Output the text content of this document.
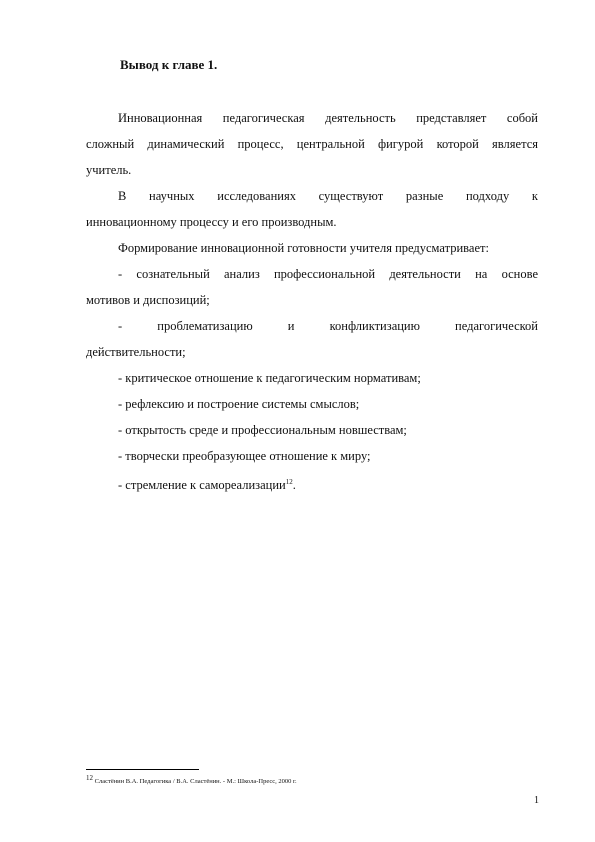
Вывод к главе 1.
Инновационная педагогическая деятельность представляет собой
сложный динамический процесс, центральной фигурой которой является
учитель.
В научных исследованиях существуют разные подходу к
инновационному процессу и его производным.
Формирование инновационной готовности учителя предусматривает:
- сознательный анализ профессиональной деятельности на основе
мотивов и диспозиций;
- проблематизацию и конфликтизацию педагогической
действительности;
- критическое отношение к педагогическим нормативам;
- рефлексию и построение системы смыслов;
- открытость среде и профессиональным новшествам;
- творчески преобразующее отношение к миру;
- стремление к самореализации$^{12}$.
$^{12}$ Сластёнин В.А. Педагогика / В.А. Сластёнин. - М.: Школа-Пресс, 2000 г.
1
